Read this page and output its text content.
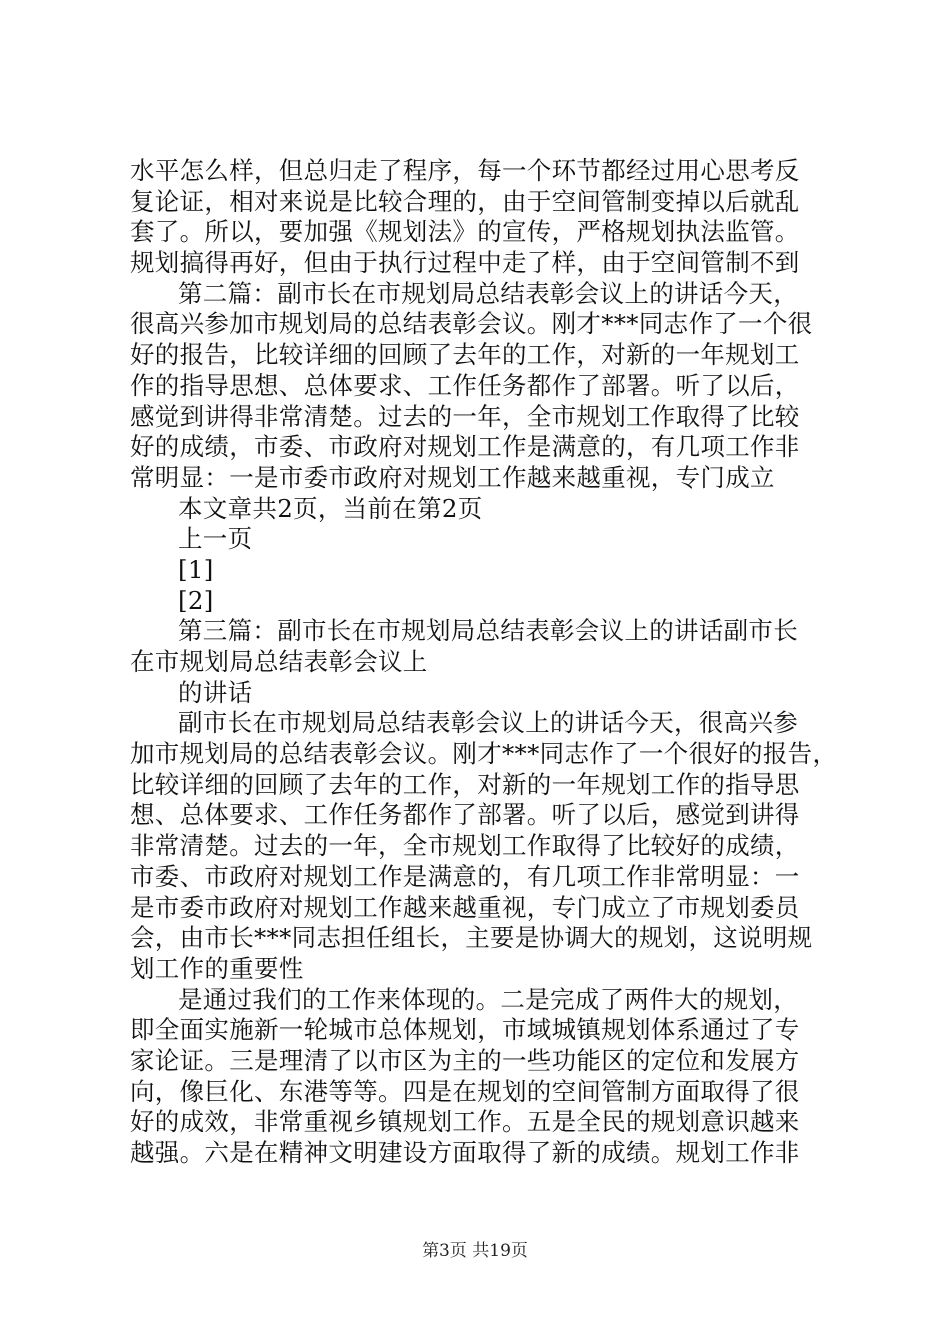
水平怎么样，但总归走了程序，每一个环节都经过用心思考反
复论证，相对来说是比较合理的，由于空间管制变掉以后就乱
套了。所以，要加强《规划法》的宣传，严格规划执法监管。
规划搞得再好，但由于执行过程中走了样，由于空间管制不到
第二篇：副市长在市规划局总结表彰会议上的讲话今天，
很高兴参加市规划局的总结表彰会议。刚才***同志作了一个很
好的报告，比较详细的回顾了去年的工作，对新的一年规划工
作的指导思想、总体要求、工作任务都作了部署。听了以后，
感觉到讲得非常清楚。过去的一年，全市规划工作取得了比较
好的成绩，市委、市政府对规划工作是满意的，有几项工作非
常明显：一是市委市政府对规划工作越来越重视，专门成立
本文章共2页，当前在第2页
上一页
[1]
[2]
第三篇：副市长在市规划局总结表彰会议上的讲话副市长
在市规划局总结表彰会议上
的讲话
副市长在市规划局总结表彰会议上的讲话今天，很高兴参
加市规划局的总结表彰会议。刚才***同志作了一个很好的报告，
比较详细的回顾了去年的工作，对新的一年规划工作的指导思
想、总体要求、工作任务都作了部署。听了以后，感觉到讲得
非常清楚。过去的一年，全市规划工作取得了比较好的成绩，
市委、市政府对规划工作是满意的，有几项工作非常明显：一
是市委市政府对规划工作越来越重视，专门成立了市规划委员
会，由市长***同志担任组长，主要是协调大的规划，这说明规
划工作的重要性
是通过我们的工作来体现的。二是完成了两件大的规划，
即全面实施新一轮城市总体规划，市域城镇规划体系通过了专
家论证。三是理清了以市区为主的一些功能区的定位和发展方
向，像巨化、东港等等。四是在规划的空间管制方面取得了很
好的成效，非常重视乡镇规划工作。五是全民的规划意识越来
越强。六是在精神文明建设方面取得了新的成绩。规划工作非
第3页 共19页
